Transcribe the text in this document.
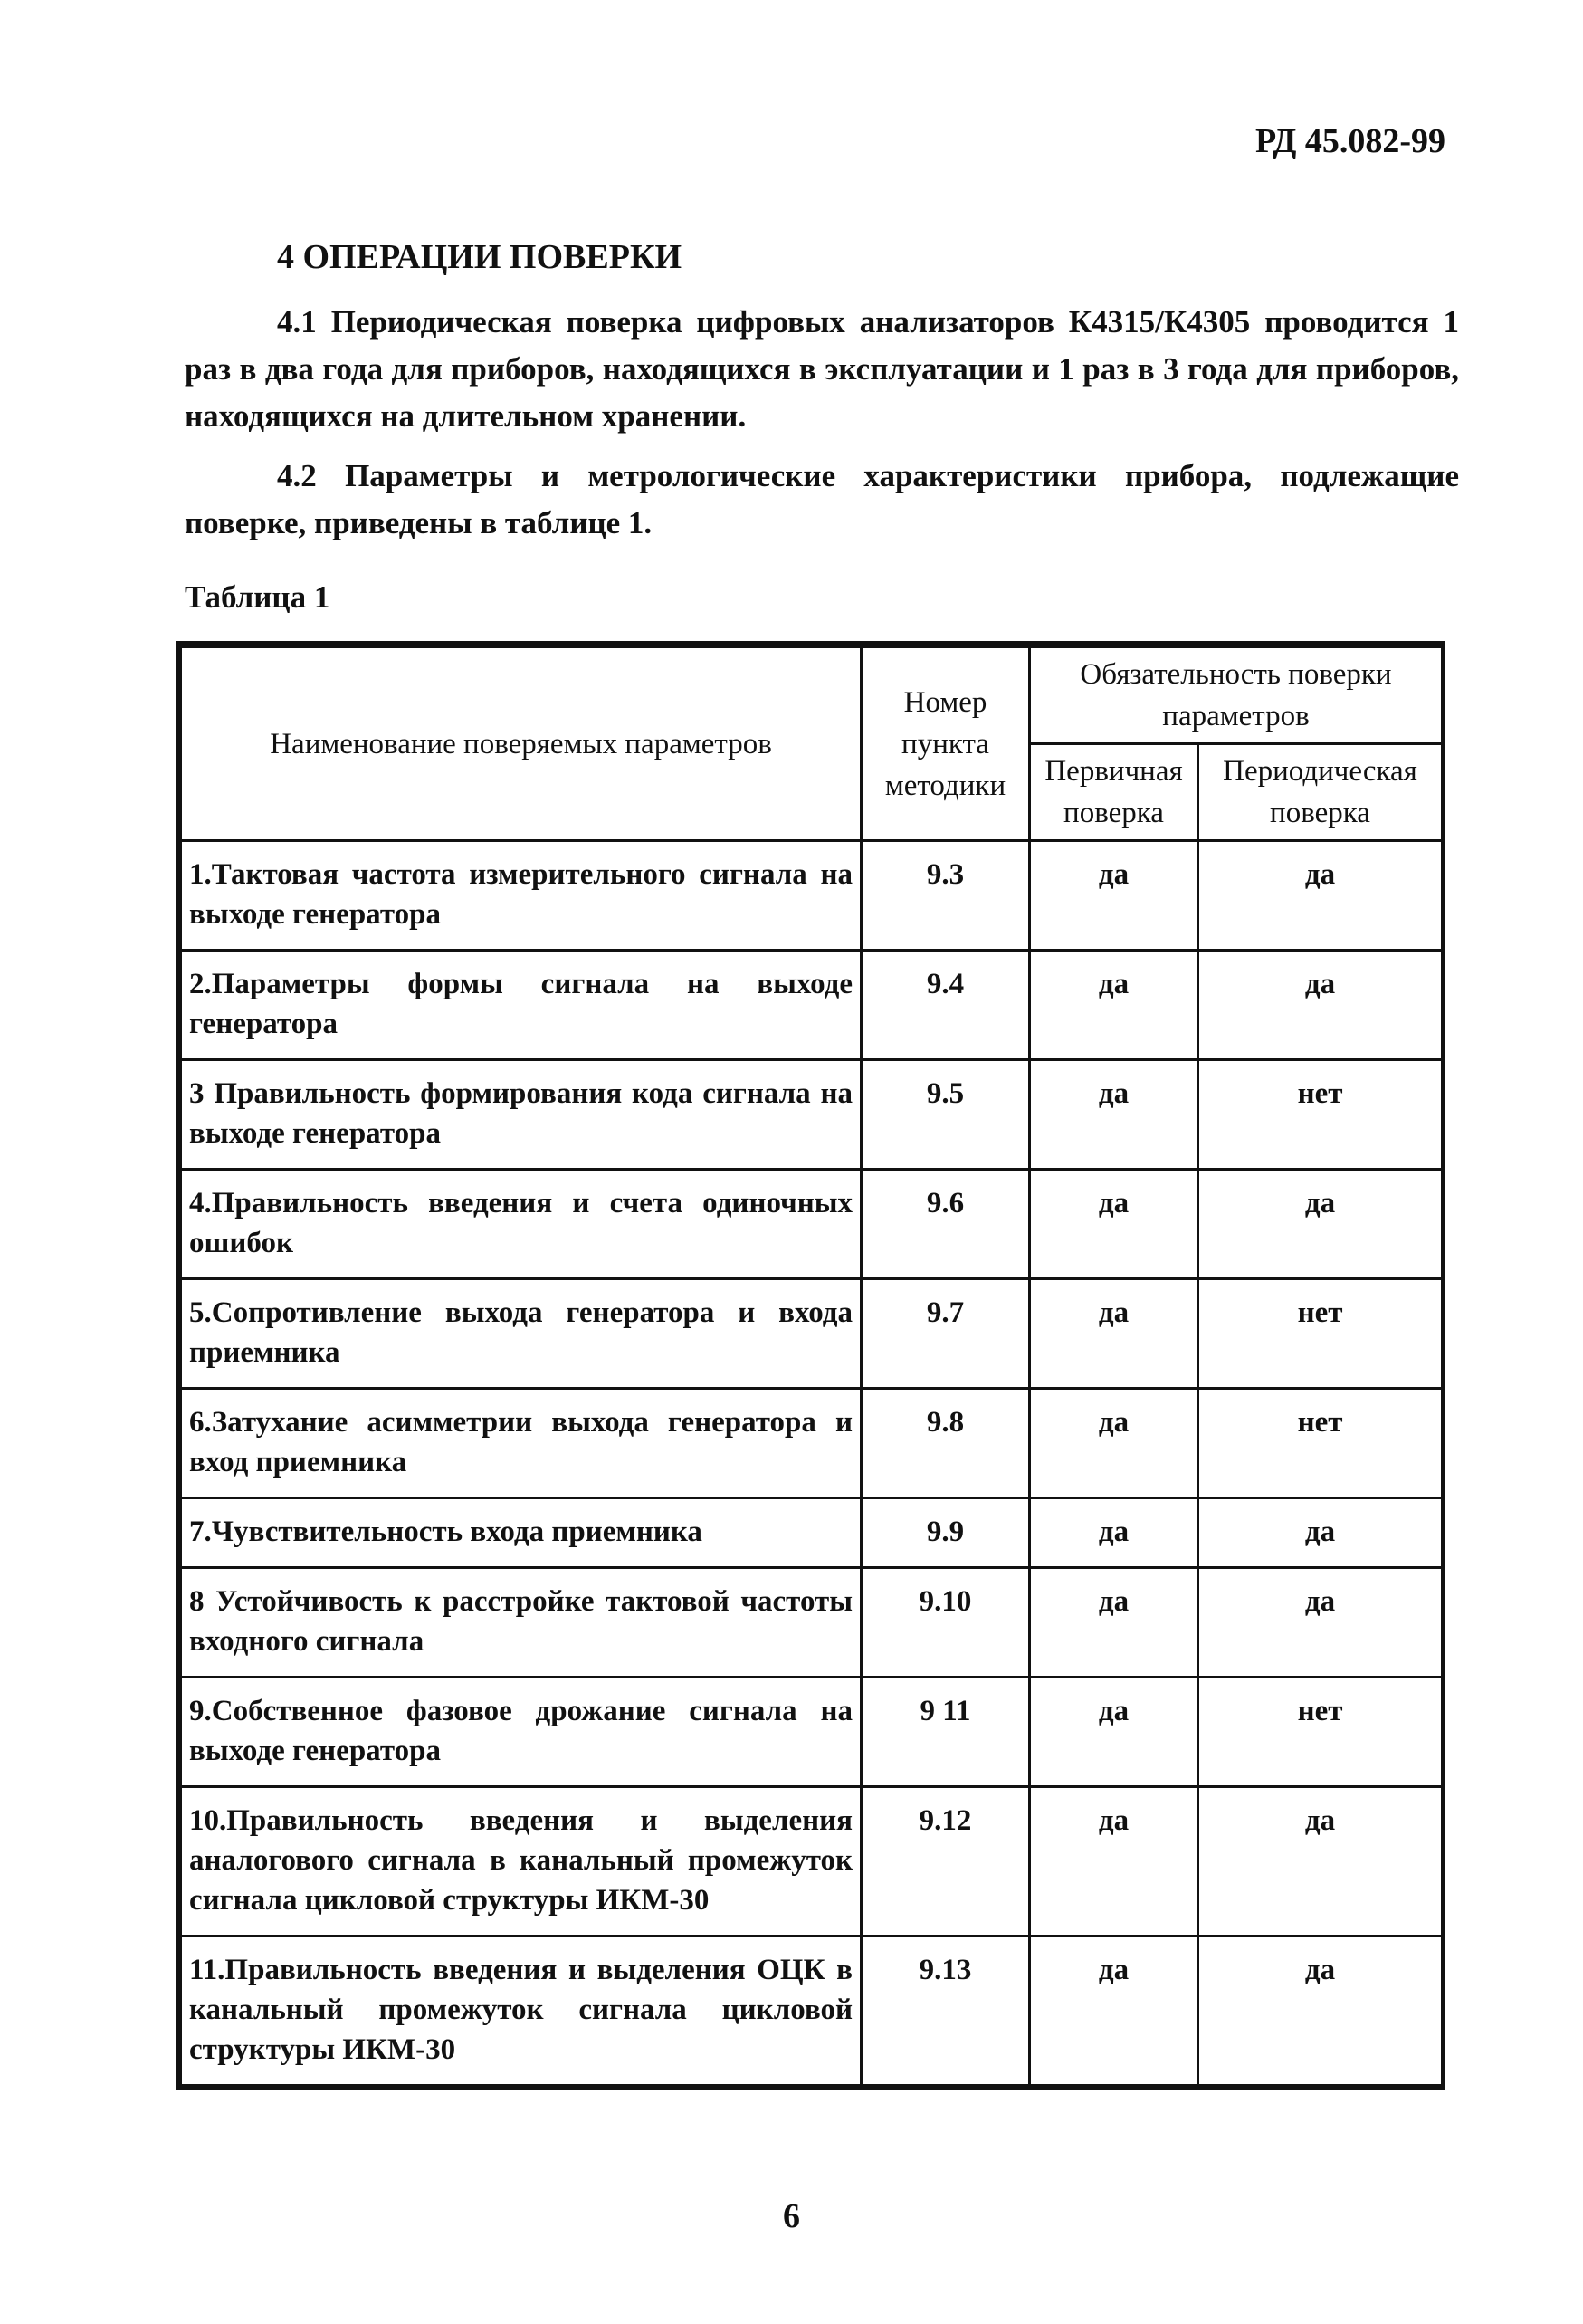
РД 45.082-99
4 ОПЕРАЦИИ ПОВЕРКИ
4.1 Периодическая поверка цифровых анализаторов К4315/К4305 проводится 1 раз в два года для приборов, находящихся в эксплуатации и 1 раз в 3 года для приборов, находящихся на длительном хранении.
4.2 Параметры и метрологические характеристики прибора, подлежащие поверке, приведены в таблице 1.
Таблица 1
Наименование поверяемых параметров	Номер пункта методики	Обязательность поверки параметров	
		Первичная поверка	Периодическая поверка
1.Тактовая частота измерительного сигнала на выходе генератора	9.3	да	да
2.Параметры формы сигнала на выходе генератора	9.4	да	да
3 Правильность формирования кода сигнала на выходе генератора	9.5	да	нет
4.Правильность введения и счета одиночных ошибок	9.6	да	да
5.Сопротивление выхода генератора и входа приемника	9.7	да	нет
6.Затухание асимметрии выхода генератора и вход приемника	9.8	да	нет
7.Чувствительность входа приемника	9.9	да	да
8 Устойчивость к расстройке тактовой частоты входного сигнала	9.10	да	да
9.Собственное фазовое дрожание сигнала на выходе генератора	9 11	да	нет
10.Правильность введения и выделения аналогового сигнала в канальный промежуток сигнала цикловой структуры ИКМ-30	9.12	да	да
11.Правильность введения и выделения ОЦК в канальный промежуток сигнала цикловой структуры ИКМ-30	9.13	да	да
6
